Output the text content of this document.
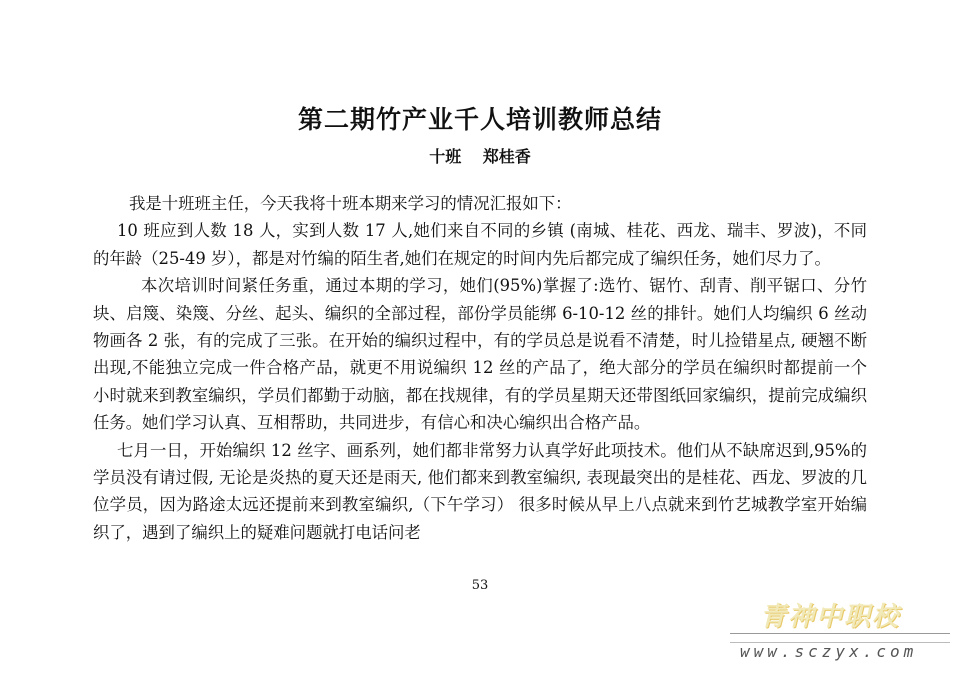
第二期竹产业千人培训教师总结
十班 郑桂香

我是十班班主任，今天我将十班本期来学习的情况汇报如下：

10 班应到人数 18 人，实到人数 17 人,她们来自不同的乡镇 (南城、桂花、西龙、瑞丰、罗波)，不同的年龄（25-49 岁），都是对竹编的陌生者,她们在规定的时间内先后都完成了编织任务，她们尽力了。

本次培训时间紧任务重，通过本期的学习，她们(95%)掌握了:选竹、锯竹、刮青、削平锯口、分竹块、启篾、染篾、分丝、起头、编织的全部过程，部份学员能绑 6-10-12 丝的排针。她们人均编织 6 丝动物画各 2 张，有的完成了三张。在开始的编织过程中，有的学员总是说看不清楚，时儿捡错星点, 硬翘不断出现,不能独立完成一件合格产品，就更不用说编织 12 丝的产品了，绝大部分的学员在编织时都提前一个小时就来到教室编织，学员们都勤于动脑，都在找规律，有的学员星期天还带图纸回家编织，提前完成编织任务。她们学习认真、互相帮助，共同进步，有信心和决心编织出合格产品。

七月一日，开始编织 12 丝字、画系列，她们都非常努力认真学好此项技术。他们从不缺席迟到,95%的学员没有请过假, 无论是炎热的夏天还是雨天, 他们都来到教室编织, 表现最突出的是桂花、西龙、罗波的几位学员，因为路途太远还提前来到教室编织,（下午学习） 很多时候从早上八点就来到竹艺城教学室开始编织了，遇到了编织上的疑难问题就打电话问老

53
青神中职校
www.sczyx.com
